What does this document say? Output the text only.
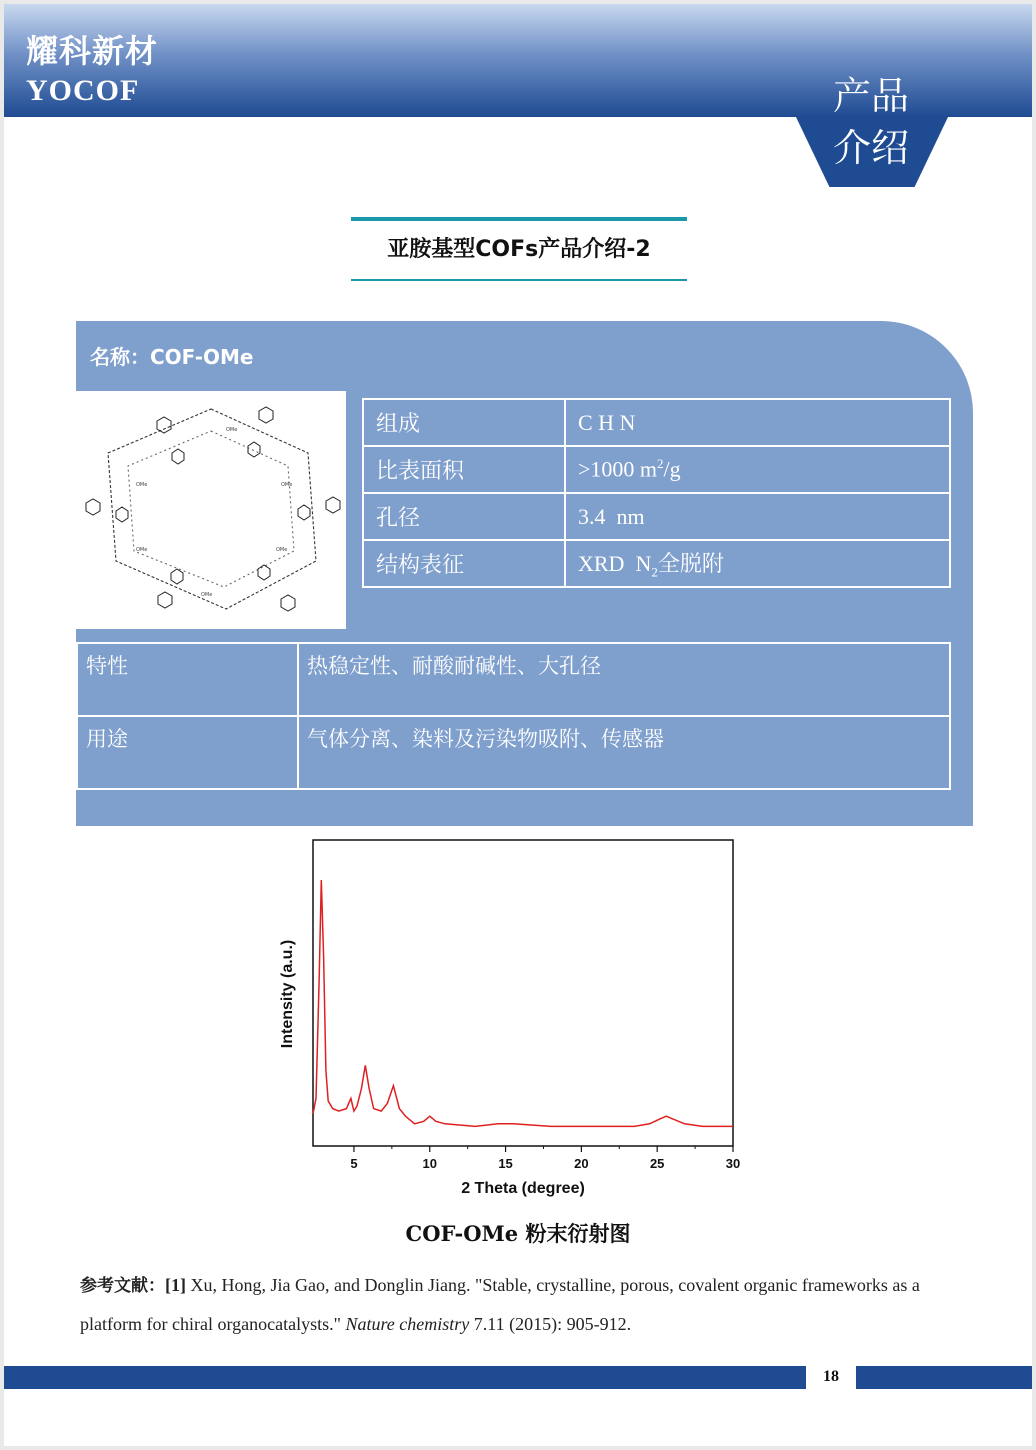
耀科新材
YOCOF	产品
介绍
亚胺基型COFs产品介绍-2
名称：COF-OMe
OMe
OMe
OMe
OMe	OMe
OMe
组成	C H N
比表面积	>1000 $m^2/g$
孔径	3.4  nm
结构表征	XRD  $N_2$全脱附
特性	热稳定性、耐酸耐碱性、大孔径
用途	气体分离、染料及污染物吸附、传感器
5	10	15	20	25	30
2 Theta (degree)
Intensity (a.u.)
COF-OMe 粉末衍射图
参考文献：[1] Xu, Hong, Jia Gao, and Donglin Jiang. "Stable, crystalline, porous, covalent organic frameworks as a platform for chiral organocatalysts." Nature chemistry 7.11 (2015): 905-912.
18
